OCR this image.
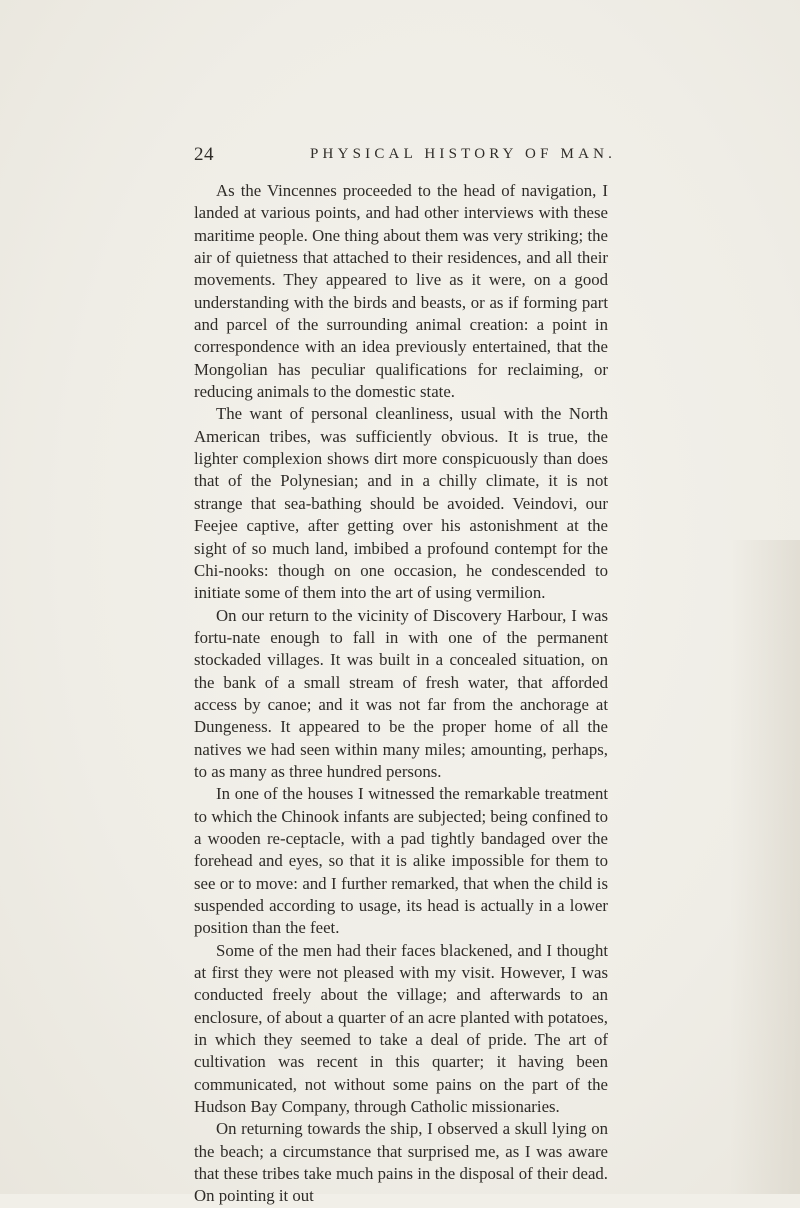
24	PHYSICAL HISTORY OF MAN.

As the Vincennes proceeded to the head of navigation, I landed at various points, and had other interviews with these maritime people. One thing about them was very striking; the air of quietness that attached to their residences, and all their movements. They appeared to live as it were, on a good understanding with the birds and beasts, or as if forming part and parcel of the surrounding animal creation: a point in correspondence with an idea previously entertained, that the Mongolian has peculiar qualifications for reclaiming, or reducing animals to the domestic state.

The want of personal cleanliness, usual with the North American tribes, was sufficiently obvious. It is true, the lighter complexion shows dirt more conspicuously than does that of the Polynesian; and in a chilly climate, it is not strange that sea-bathing should be avoided. Veindovi, our Feejee captive, after getting over his astonishment at the sight of so much land, imbibed a profound contempt for the Chi-nooks: though on one occasion, he condescended to initiate some of them into the art of using vermilion.

On our return to the vicinity of Discovery Harbour, I was fortu-nate enough to fall in with one of the permanent stockaded villages. It was built in a concealed situation, on the bank of a small stream of fresh water, that afforded access by canoe; and it was not far from the anchorage at Dungeness. It appeared to be the proper home of all the natives we had seen within many miles; amounting, perhaps, to as many as three hundred persons.

In one of the houses I witnessed the remarkable treatment to which the Chinook infants are subjected; being confined to a wooden re-ceptacle, with a pad tightly bandaged over the forehead and eyes, so that it is alike impossible for them to see or to move: and I further remarked, that when the child is suspended according to usage, its head is actually in a lower position than the feet.

Some of the men had their faces blackened, and I thought at first they were not pleased with my visit. However, I was conducted freely about the village; and afterwards to an enclosure, of about a quarter of an acre planted with potatoes, in which they seemed to take a deal of pride. The art of cultivation was recent in this quarter; it having been communicated, not without some pains on the part of the Hudson Bay Company, through Catholic missionaries.

On returning towards the ship, I observed a skull lying on the beach; a circumstance that surprised me, as I was aware that these tribes take much pains in the disposal of their dead. On pointing it out
